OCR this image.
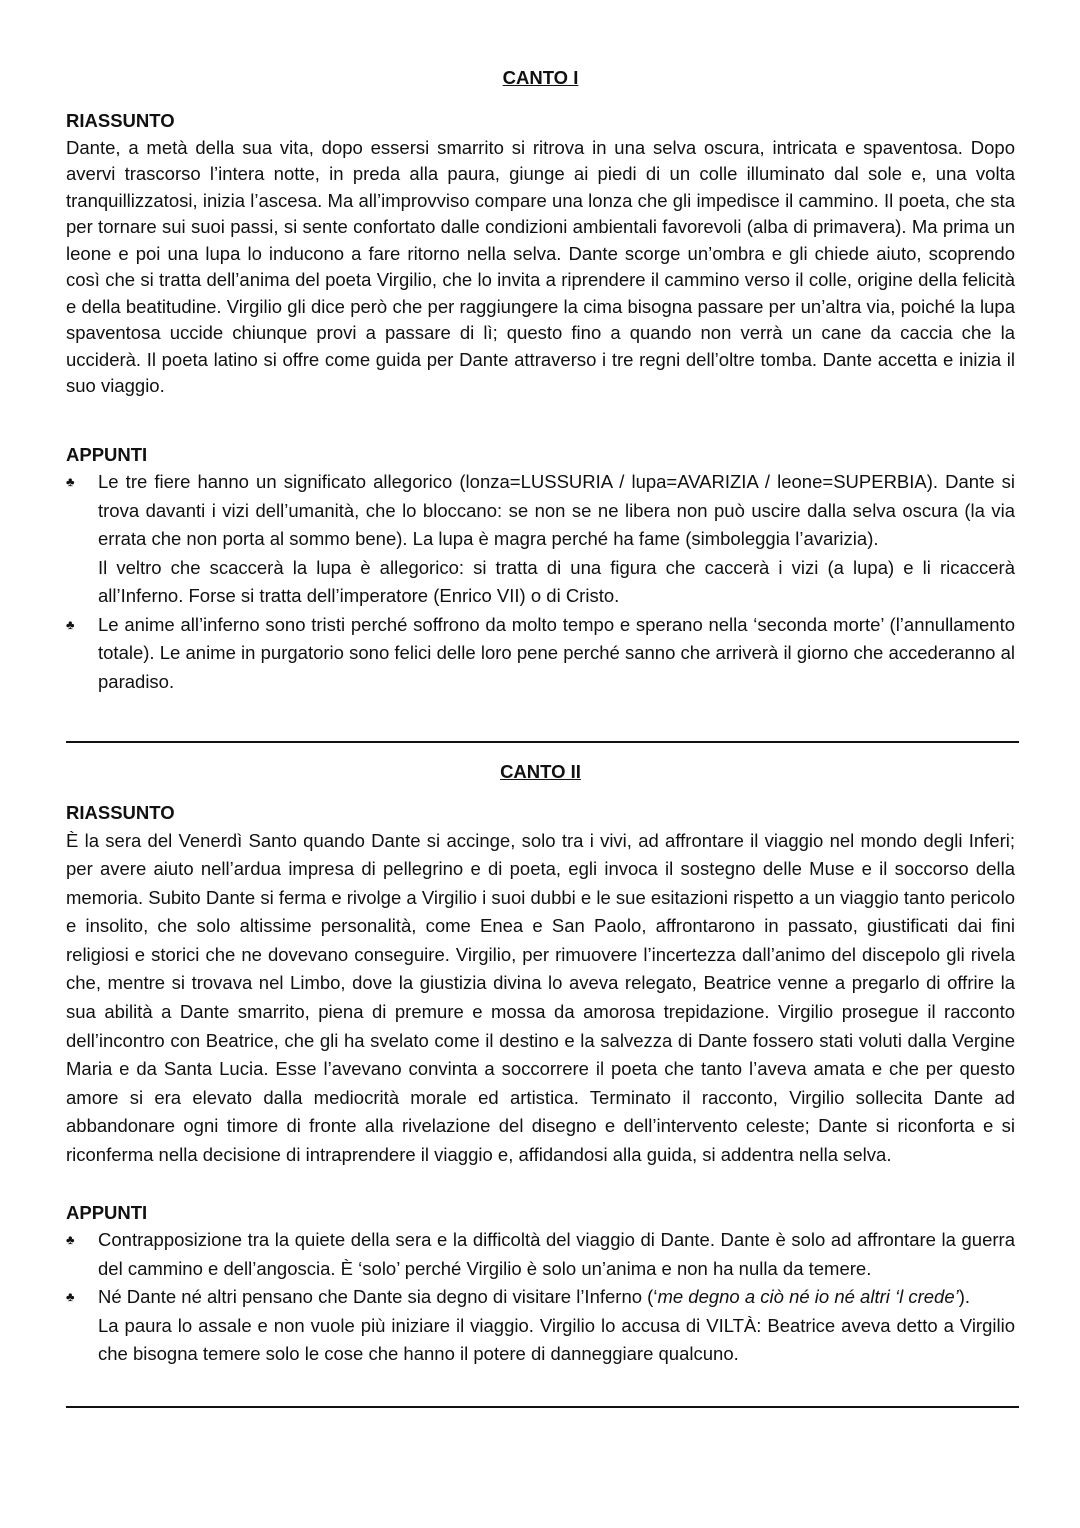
CANTO I
RIASSUNTO

Dante, a metà della sua vita, dopo essersi smarrito si ritrova in una selva oscura, intricata e spaventosa. Dopo avervi trascorso l’intera notte, in preda alla paura, giunge ai piedi di un colle illuminato dal sole e, una volta tranquillizzatosi, inizia l’ascesa. Ma all’improvviso compare una lonza che gli impedisce il cammino. Il poeta, che sta per tornare sui suoi passi, si sente confortato dalle condizioni ambientali favorevoli (alba di primavera). Ma prima un leone e poi una lupa lo inducono a fare ritorno nella selva. Dante scorge un’ombra e gli chiede aiuto, scoprendo così che si tratta dell’anima del poeta Virgilio, che lo invita a riprendere il cammino verso il colle, origine della felicità e della beatitudine. Virgilio gli dice però che per raggiungere la cima bisogna passare per un’altra via, poiché la lupa spaventosa uccide chiunque provi a passare di lì; questo fino a quando non verrà un cane da caccia che la ucciderà. Il poeta latino si offre come guida per Dante attraverso i tre regni dell’oltre tomba. Dante accetta e inizia il suo viaggio.

APPUNTI
♣ Le tre fiere hanno un significato allegorico (lonza=LUSSURIA / lupa=AVARIZIA / leone=SUPERBIA). Dante si trova davanti i vizi dell’umanità, che lo bloccano: se non se ne libera non può uscire dalla selva oscura (la via errata che non porta al sommo bene). La lupa è magra perché ha fame (simboleggia l’avarizia).

Il veltro che scaccerà la lupa è allegorico: si tratta di una figura che caccerà i vizi (a lupa) e li ricaccerà all’Inferno. Forse si tratta dell’imperatore (Enrico VII) o di Cristo.

♣ Le anime all’inferno sono tristi perché soffrono da molto tempo e sperano nella ‘seconda morte’ (l’annullamento totale). Le anime in purgatorio sono felici delle loro pene perché sanno che arriverà il giorno che accederanno al paradiso.

CANTO II
RIASSUNTO

È la sera del Venerdì Santo quando Dante si accinge, solo tra i vivi, ad affrontare il viaggio nel mondo degli Inferi; per avere aiuto nell’ardua impresa di pellegrino e di poeta, egli invoca il sostegno delle Muse e il soccorso della memoria. Subito Dante si ferma e rivolge a Virgilio i suoi dubbi e le sue esitazioni rispetto a un viaggio tanto pericolo e insolito, che solo altissime personalità, come Enea e San Paolo, affrontarono in passato, giustificati dai fini religiosi e storici che ne dovevano conseguire. Virgilio, per rimuovere l’incertezza dall’animo del discepolo gli rivela che, mentre si trovava nel Limbo, dove la giustizia divina lo aveva relegato, Beatrice venne a pregarlo di offrire la sua abilità a Dante smarrito, piena di premure e mossa da amorosa trepidazione. Virgilio prosegue il racconto dell’incontro con Beatrice, che gli ha svelato come il destino e la salvezza di Dante fossero stati voluti dalla Vergine Maria e da Santa Lucia. Esse l’avevano convinta a soccorrere il poeta che tanto l’aveva amata e che per questo amore si era elevato dalla mediocrità morale ed artistica. Terminato il racconto, Virgilio sollecita Dante ad abbandonare ogni timore di fronte alla rivelazione del disegno e dell’intervento celeste; Dante si riconforta e si riconferma nella decisione di intraprendere il viaggio e, affidandosi alla guida, si addentra nella selva.

APPUNTI
♣ Contrapposizione tra la quiete della sera e la difficoltà del viaggio di Dante. Dante è solo ad affrontare la guerra del cammino e dell’angoscia. È ‘solo’ perché Virgilio è solo un’anima e non ha nulla da temere.

♣ Né Dante né altri pensano che Dante sia degno di visitare l’Inferno (‘me degno a ciò né io né altri ‘l crede’).

La paura lo assale e non vuole più iniziare il viaggio. Virgilio lo accusa di VILTÀ: Beatrice aveva detto a Virgilio che bisogna temere solo le cose che hanno il potere di danneggiare qualcuno.
